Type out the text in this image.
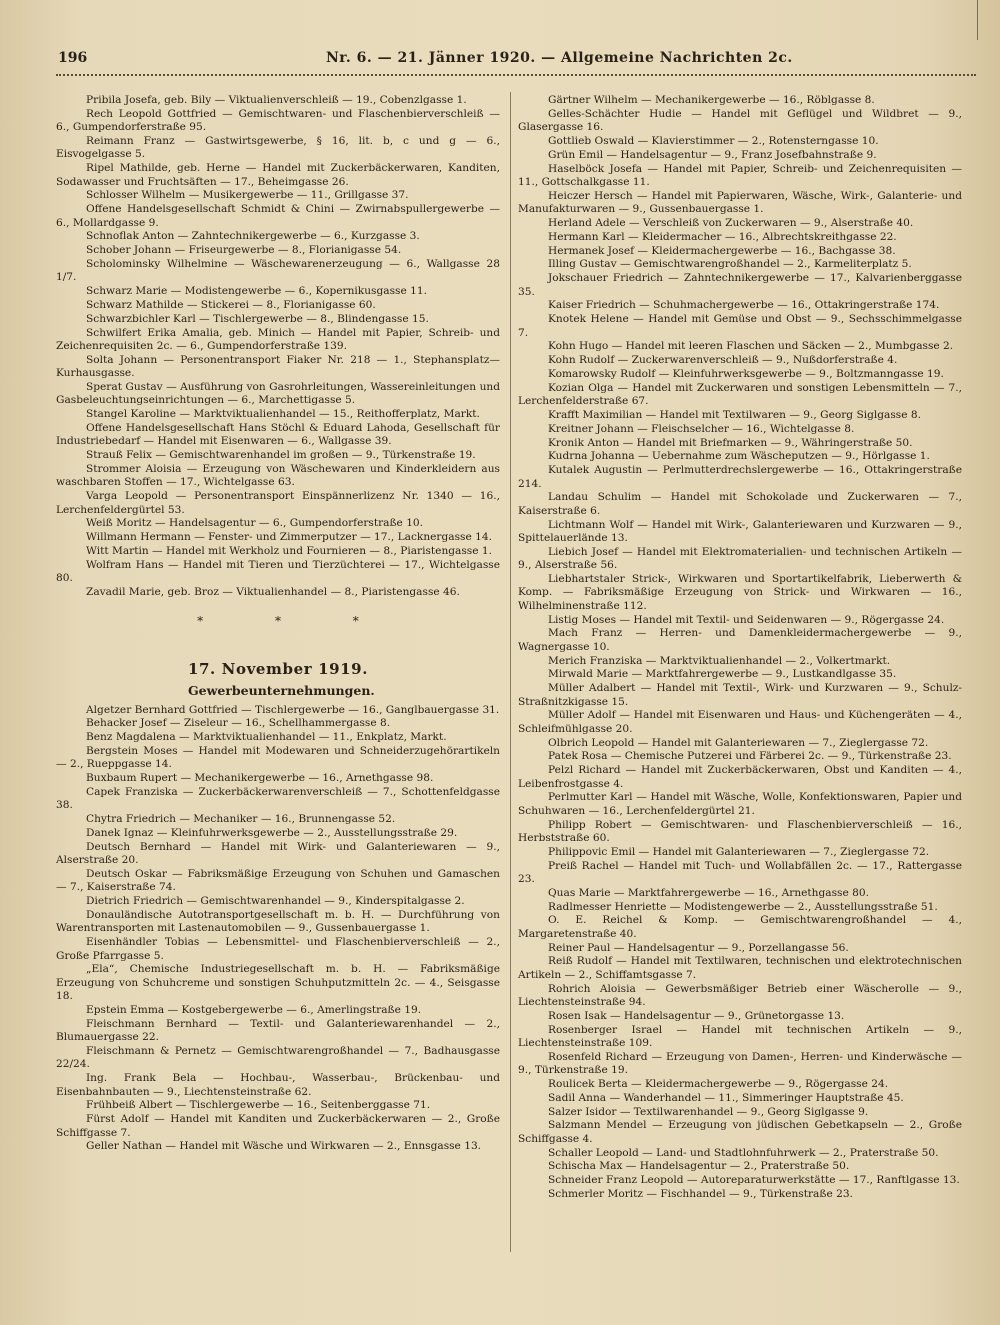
196	Nr. 6. — 21. Jänner 1920. — Allgemeine Nachrichten 2c.
Pribila Josefa, geb. Bily — Viktualienverschleiß — 19., Cobenzlgasse 1.
Rech Leopold Gottfried — Gemischtwaren- und Flaschenbierverschleiß — 6., Gumpendorferstraße 95.
Reimann Franz — Gastwirtsgewerbe, § 16, lit. b, c und g — 6., Eisvogelgasse 5.
Ripel Mathilde, geb. Herne — Handel mit Zuckerbäckerwaren, Kanditen, Sodawasser und Fruchtsäften — 17., Beheimgasse 26.
Schlosser Wilhelm — Musikergewerbe — 11., Grillgasse 37.
Offene Handelsgesellschaft Schmidt & Chini — Zwirnabspullergewerbe — 6., Mollardgasse 9.
Schnoflak Anton — Zahntechnikergewerbe — 6., Kurzgasse 3.
Schober Johann — Friseurgewerbe — 8., Florianigasse 54.
Scholominsky Wilhelmine — Wäschewarenerzeugung — 6., Wallgasse 28 1/7.
Schwarz Marie — Modistengewerbe — 6., Kopernikusgasse 11.
Schwarz Mathilde — Stickerei — 8., Florianigasse 60.
Schwarzbichler Karl — Tischlergewerbe — 8., Blindengasse 15.
Schwilfert Erika Amalia, geb. Minich — Handel mit Papier, Schreib- und Zeichenrequisiten 2c. — 6., Gumpendorferstraße 139.
Solta Johann — Personentransport Fiaker Nr. 218 — 1., Stephansplatz—Kurhausgasse.
Sperat Gustav — Ausführung von Gasrohrleitungen, Wassereinleitungen und Gasbeleuchtungseinrichtungen — 6., Marchettigasse 5.
Stangel Karoline — Marktviktualienhandel — 15., Reithofferplatz, Markt.
Offene Handelsgesellschaft Hans Stöchl & Eduard Lahoda, Gesellschaft für Industriebedarf — Handel mit Eisenwaren — 6., Wallgasse 39.
Strauß Felix — Gemischtwarenhandel im großen — 9., Türkenstraße 19.
Strommer Aloisia — Erzeugung von Wäschewaren und Kinderkleidern aus waschbaren Stoffen — 17., Wichtelgasse 63.
Varga Leopold — Personentransport Einspännerlizenz Nr. 1340 — 16., Lerchenfeldergürtel 53.
Weiß Moritz — Handelsagentur — 6., Gumpendorferstraße 10.
Willmann Hermann — Fenster- und Zimmerputzer — 17., Lacknergasse 14.
Witt Martin — Handel mit Werkholz und Fournieren — 8., Piaristengasse 1.
Wolfram Hans — Handel mit Tieren und Tierzüchterei — 17., Wichtelgasse 80.
Zavadil Marie, geb. Broz — Viktualienhandel — 8., Piaristengasse 46.
* * *
17. November 1919.
Gewerbeunternehmungen.
Algetzer Bernhard Gottfried — Tischlergewerbe — 16., Ganglbauergasse 31.
Behacker Josef — Ziseleur — 16., Schellhammergasse 8.
Benz Magdalena — Marktviktualienhandel — 11., Enkplatz, Markt.
Bergstein Moses — Handel mit Modewaren und Schneiderzugehörartikeln — 2., Rueppgasse 14.
Buxbaum Rupert — Mechanikergewerbe — 16., Arnethgasse 98.
Capek Franziska — Zuckerbäckerwarenverschleiß — 7., Schottenfeldgasse 38.
Chytra Friedrich — Mechaniker — 16., Brunnengasse 52.
Danek Ignaz — Kleinfuhrwerksgewerbe — 2., Ausstellungsstraße 29.
Deutsch Bernhard — Handel mit Wirk- und Galanteriewaren — 9., Alserstraße 20.
Deutsch Oskar — Fabriksmäßige Erzeugung von Schuhen und Gamaschen — 7., Kaiserstraße 74.
Dietrich Friedrich — Gemischtwarenhandel — 9., Kinderspitalgasse 2.
Donauländische Autotransportgesellschaft m. b. H. — Durchführung von Warentransporten mit Lastenautomobilen — 9., Gussenbauergasse 1.
Eisenhändler Tobias — Lebensmittel- und Flaschenbierverschleiß — 2., Große Pfarrgasse 5.
„Ela“, Chemische Industriegesellschaft m. b. H. — Fabriksmäßige Erzeugung von Schuhcreme und sonstigen Schuhputzmitteln 2c. — 4., Seisgasse 18.
Epstein Emma — Kostgebergewerbe — 6., Amerlingstraße 19.
Fleischmann Bernhard — Textil- und Galanteriewarenhandel — 2., Blumauergasse 22.
Fleischmann & Pernetz — Gemischtwarengroßhandel — 7., Badhausgasse 22/24.
Ing. Frank Bela — Hochbau-, Wasserbau-, Brückenbau- und Eisenbahnbauten — 9., Liechtensteinstraße 62.
Frühbeiß Albert — Tischlergewerbe — 16., Seitenberggasse 71.
Fürst Adolf — Handel mit Kanditen und Zuckerbäckerwaren — 2., Große Schiffgasse 7.
Geller Nathan — Handel mit Wäsche und Wirkwaren — 2., Ennsgasse 13.
Gärtner Wilhelm — Mechanikergewerbe — 16., Röblgasse 8.
Gelles-Schächter Hudie — Handel mit Geflügel und Wildbret — 9., Glasergasse 16.
Gottlieb Oswald — Klavierstimmer — 2., Rotensterngasse 10.
Grün Emil — Handelsagentur — 9., Franz Josefbahnstraße 9.
Haselböck Josefa — Handel mit Papier, Schreib- und Zeichenrequisiten — 11., Gottschalkgasse 11.
Heiczer Hersch — Handel mit Papierwaren, Wäsche, Wirk-, Galanterie- und Manufakturwaren — 9., Gussenbauergasse 1.
Herland Adele — Verschleiß von Zuckerwaren — 9., Alserstraße 40.
Hermann Karl — Kleidermacher — 16., Albrechtskreithgasse 22.
Hermanek Josef — Kleidermachergewerbe — 16., Bachgasse 38.
Illing Gustav — Gemischtwarengroßhandel — 2., Karmeliterplatz 5.
Jokschauer Friedrich — Zahntechnikergewerbe — 17., Kalvarienberggasse 35.
Kaiser Friedrich — Schuhmachergewerbe — 16., Ottakringerstraße 174.
Knotek Helene — Handel mit Gemüse und Obst — 9., Sechsschimmelgasse 7.
Kohn Hugo — Handel mit leeren Flaschen und Säcken — 2., Mumbgasse 2.
Kohn Rudolf — Zuckerwarenverschleiß — 9., Nußdorferstraße 4.
Komarowsky Rudolf — Kleinfuhrwerksgewerbe — 9., Boltzmanngasse 19.
Kozian Olga — Handel mit Zuckerwaren und sonstigen Lebensmitteln — 7., Lerchenfelderstraße 67.
Krafft Maximilian — Handel mit Textilwaren — 9., Georg Siglgasse 8.
Kreitner Johann — Fleischselcher — 16., Wichtelgasse 8.
Kronik Anton — Handel mit Briefmarken — 9., Währingerstraße 50.
Kudrna Johanna — Uebernahme zum Wäscheputzen — 9., Hörlgasse 1.
Kutalek Augustin — Perlmutterdrechslergewerbe — 16., Ottakringerstraße 214.
Landau Schulim — Handel mit Schokolade und Zuckerwaren — 7., Kaiserstraße 6.
Lichtmann Wolf — Handel mit Wirk-, Galanteriewaren und Kurzwaren — 9., Spittelauerlände 13.
Liebich Josef — Handel mit Elektromaterialien- und technischen Artikeln — 9., Alserstraße 56.
Liebhartstaler Strick-, Wirkwaren und Sportartikelfabrik, Lieberwerth & Komp. — Fabriksmäßige Erzeugung von Strick- und Wirkwaren — 16., Wilhelminenstraße 112.
Listig Moses — Handel mit Textil- und Seidenwaren — 9., Rögergasse 24.
Mach Franz — Herren- und Damenkleidermachergewerbe — 9., Wagnergasse 10.
Merich Franziska — Marktviktualienhandel — 2., Volkertmarkt.
Mirwald Marie — Marktfahrergewerbe — 9., Lustkandlgasse 35.
Müller Adalbert — Handel mit Textil-, Wirk- und Kurzwaren — 9., Schulz-Straßnitzkigasse 15.
Müller Adolf — Handel mit Eisenwaren und Haus- und Küchengeräten — 4., Schleifmühlgasse 20.
Olbrich Leopold — Handel mit Galanteriewaren — 7., Zieglergasse 72.
Patek Rosa — Chemische Putzerei und Färberei 2c. — 9., Türkenstraße 23.
Pelzl Richard — Handel mit Zuckerbäckerwaren, Obst und Kanditen — 4., Leibenfrostgasse 4.
Perlmutter Karl — Handel mit Wäsche, Wolle, Konfektionswaren, Papier und Schuhwaren — 16., Lerchenfeldergürtel 21.
Philipp Robert — Gemischtwaren- und Flaschenbierverschleiß — 16., Herbststraße 60.
Philippovic Emil — Handel mit Galanteriewaren — 7., Zieglergasse 72.
Preiß Rachel — Handel mit Tuch- und Wollabfällen 2c. — 17., Rattergasse 23.
Quas Marie — Marktfahrergewerbe — 16., Arnethgasse 80.
Radlmesser Henriette — Modistengewerbe — 2., Ausstellungsstraße 51.
O. E. Reichel & Komp. — Gemischtwarengroßhandel — 4., Margaretenstraße 40.
Reiner Paul — Handelsagentur — 9., Porzellangasse 56.
Reiß Rudolf — Handel mit Textilwaren, technischen und elektrotechnischen Artikeln — 2., Schiffamtsgasse 7.
Rohrich Aloisia — Gewerbsmäßiger Betrieb einer Wäscherolle — 9., Liechtensteinstraße 94.
Rosen Isak — Handelsagentur — 9., Grünetorgasse 13.
Rosenberger Israel — Handel mit technischen Artikeln — 9., Liechtensteinstraße 109.
Rosenfeld Richard — Erzeugung von Damen-, Herren- und Kinderwäsche — 9., Türkenstraße 19.
Roulicek Berta — Kleidermachergewerbe — 9., Rögergasse 24.
Sadil Anna — Wanderhandel — 11., Simmeringer Hauptstraße 45.
Salzer Isidor — Textilwarenhandel — 9., Georg Siglgasse 9.
Salzmann Mendel — Erzeugung von jüdischen Gebetkapseln — 2., Große Schiffgasse 4.
Schaller Leopold — Land- und Stadtlohnfuhrwerk — 2., Praterstraße 50.
Schischa Max — Handelsagentur — 2., Praterstraße 50.
Schneider Franz Leopold — Autoreparaturwerkstätte — 17., Ranftlgasse 13.
Schmerler Moritz — Fischhandel — 9., Türkenstraße 23.
